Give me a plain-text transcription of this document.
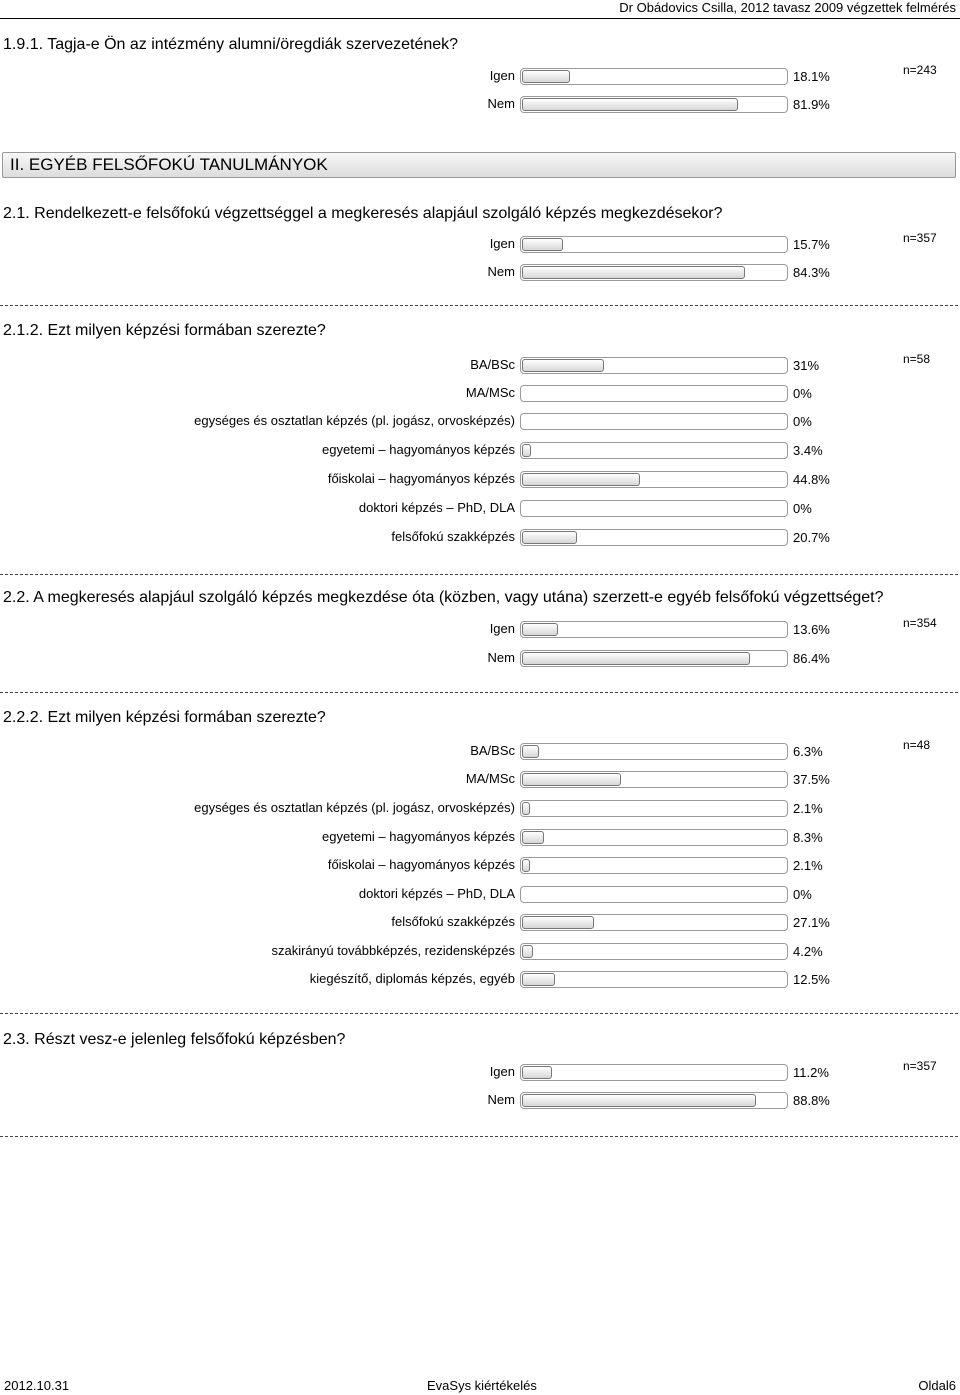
Dr Obádovics Csilla, 2012 tavasz 2009 végzettek felmérés
1.9.1. Tagja-e Ön az intézmény alumni/öregdiák szervezetének?
n=243
Igen	18.1%
Nem	81.9%
II. EGYÉB FELSŐFOKÚ TANULMÁNYOK
2.1. Rendelkezett-e felsőfokú végzettséggel a megkeresés alapjául szolgáló képzés megkezdésekor?
n=357
Igen	15.7%
Nem	84.3%
2.1.2. Ezt milyen képzési formában szerezte?
n=58
BA/BSc	31%
MA/MSc	0%
egységes és osztatlan képzés (pl. jogász, orvosképzés)	0%
egyetemi – hagyományos képzés	3.4%
főiskolai – hagyományos képzés	44.8%
doktori képzés – PhD, DLA	0%
felsőfokú szakképzés	20.7%
2.2. A megkeresés alapjául szolgáló képzés megkezdése óta (közben, vagy utána) szerzett-e egyéb felsőfokú végzettséget?
n=354
Igen	13.6%
Nem	86.4%
2.2.2. Ezt milyen képzési formában szerezte?
n=48
BA/BSc	6.3%
MA/MSc	37.5%
egységes és osztatlan képzés (pl. jogász, orvosképzés)	2.1%
egyetemi – hagyományos képzés	8.3%
főiskolai – hagyományos képzés	2.1%
doktori képzés – PhD, DLA	0%
felsőfokú szakképzés	27.1%
szakirányú továbbképzés, rezidensképzés	4.2%
kiegészítő, diplomás képzés, egyéb	12.5%
2.3. Részt vesz-e jelenleg felsőfokú képzésben?
n=357
Igen	11.2%
Nem	88.8%
2012.10.31	EvaSys kiértékelés	Oldal6
